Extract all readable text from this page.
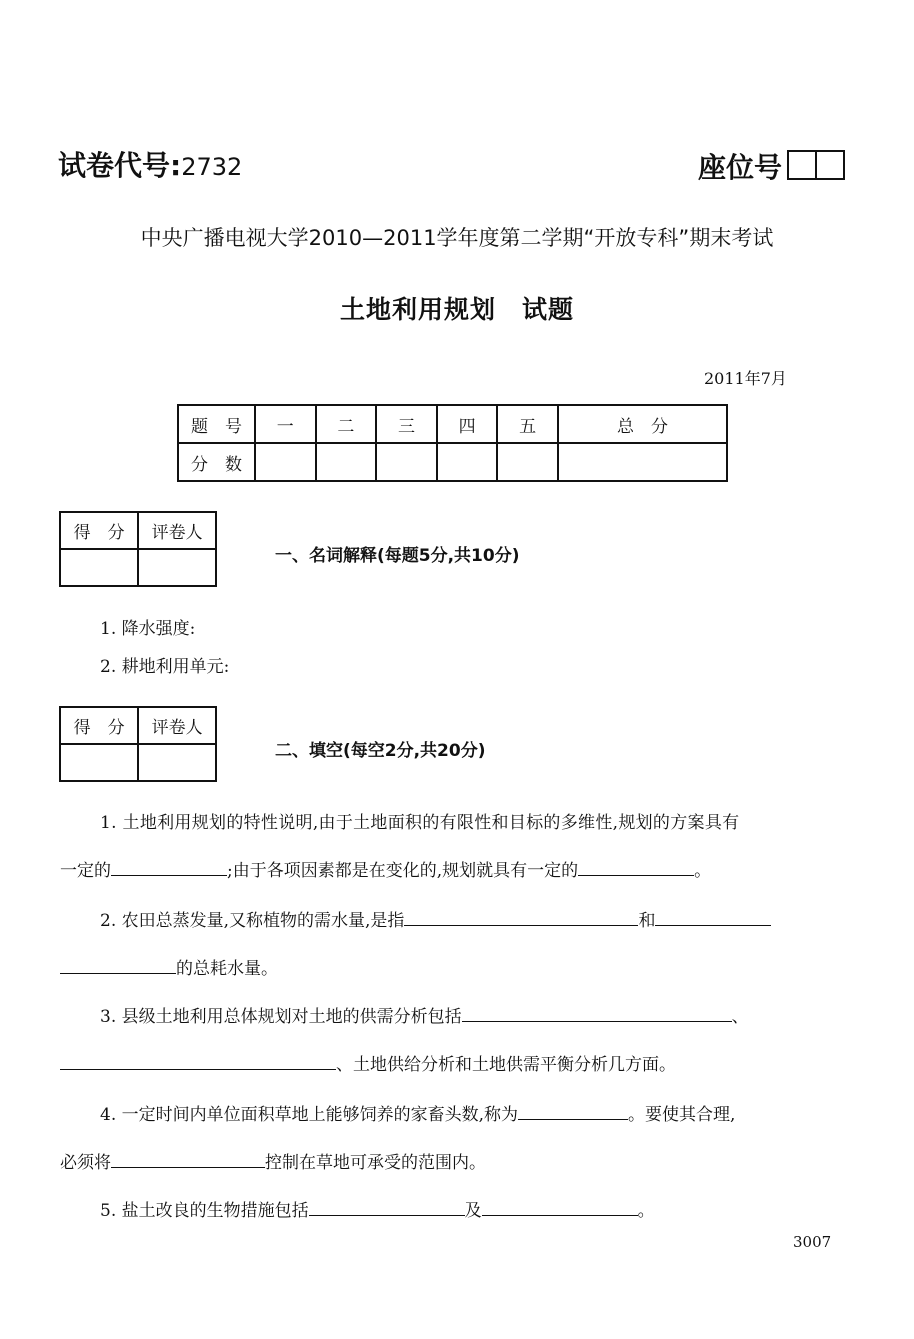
试卷代号:2732	座位号
中央广播电视大学2010—2011学年度第二学期“开放专科”期末考试
土地利用规划　试题
2011年7月
题　号	一	二	三	四	五	总　分
分　数						
得　分	评卷人

一、名词解释(每题5分,共10分)
1. 降水强度:
2. 耕地利用单元:
得　分	评卷人

二、填空(每空2分,共20分)
1. 土地利用规划的特性说明,由于土地面积的有限性和目标的多维性,规划的方案具有
一定的	;由于各项因素都是在变化的,规划就具有一定的	。
2. 农田总蒸发量,又称植物的需水量,是指	和
的总耗水量。
3. 县级土地利用总体规划对土地的供需分析包括	、
、土地供给分析和土地供需平衡分析几方面。
4. 一定时间内单位面积草地上能够饲养的家畜头数,称为	。要使其合理,
必须将	控制在草地可承受的范围内。
5. 盐土改良的生物措施包括	及	。
3007
